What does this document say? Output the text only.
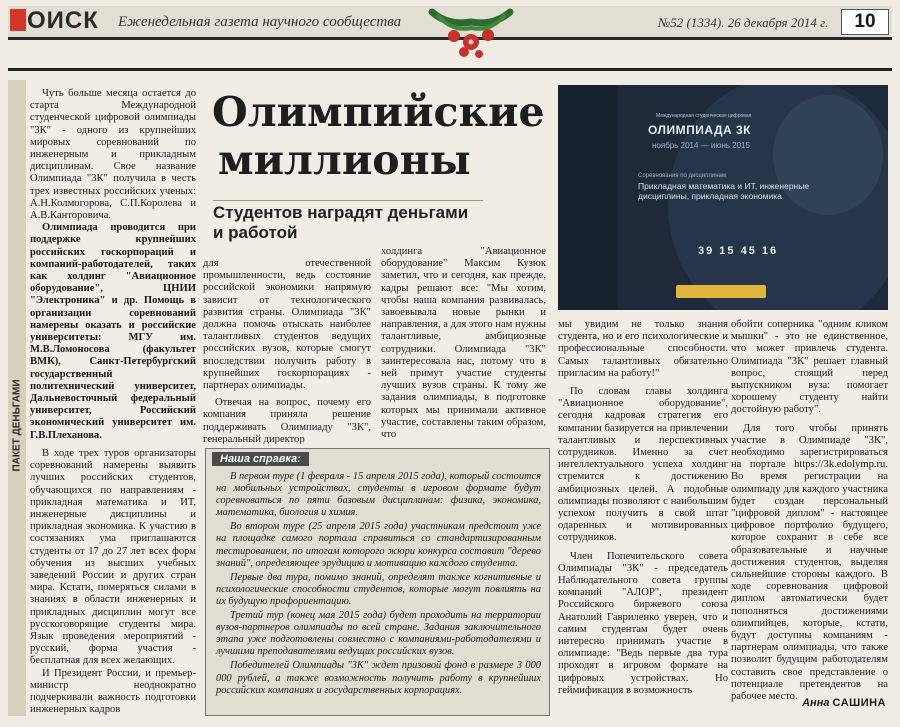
ОИСК Еженедельная газета научного сообщества	№52 (1334). 26 декабря 2014 г.	10
ПАКЕТ ДЕНЬГАМИ

Чуть больше месяца остается до старта Международной студенческой цифровой олимпиады "3К" - одного из крупнейших мировых соревнований по инженерным и прикладным дисциплинам. Свое название Олимпиада "3К" получила в честь трех известных российских ученых: А.Н.Колмогорова, С.П.Королева и А.В.Канторовича.

Олимпиада проводится при поддержке крупнейших российских госкорпораций и компаний-работодателей, таких как холдинг "Авиационное оборудование", ЦНИИ "Электроника" и др. Помощь в организации соревнований намерены оказать и российские университеты: МГУ им. М.В.Ломоносова (факультет ВМК), Санкт-Петербургский государственный политехнический университет, Дальневосточный федеральный университет, Российский экономический университет им. Г.В.Плеханова.

В ходе трех туров организаторы соревнований намерены выявить лучших российских студентов, обучающихся по направлениям - прикладная математика и ИТ, инженерные дисциплины и прикладная экономика. К участию в состязаниях ума приглашаются студенты от 17 до 27 лет всех форм обучения из высших учебных заведений России и других стран мира. Кстати, померяться силами в знаниях в области инженерных и прикладных дисциплин могут все русскоговорящие студенты мира. Язык проведения мероприятий - русский, форма участия - бесплатная для всех желающих.

И Президент России, и премьер-министр неоднократно подчеркивали важность подготовки инженерных кадров

Олимпийские
миллионы
Студентов наградят деньгами и работой
Международная студенческая цифровая
ОЛИМПИАДА 3К
ноябрь 2014 — июнь 2015
Соревнования по дисциплинам
Прикладная математика и ИТ, инженерные дисциплины, прикладная экономика
39 15 45 16

для отечественной промышленности, ведь состояние российской экономики напрямую зависит от технологического развития страны. Олимпиада "3К" должна помочь отыскать наиболее талантливых студентов ведущих российских вузов, которые смогут впоследствии получить работу в крупнейших госкорпорациях - партнерах олимпиады.

Отвечая на вопрос, почему его компания приняла решение поддерживать Олимпиаду "3К", генеральный директор

холдинга "Авиационное оборудование" Максим Кузюк заметил, что и сегодня, как прежде, кадры решают все: "Мы хотим, чтобы наша компания развивалась, завоевывала новые рынки и направления, а для этого нам нужны талантливые, амбициозные сотрудники. Олимпиада "3К" заинтересовала нас, потому что в ней примут участие студенты лучших вузов страны. К тому же задания олимпиады, в подготовке которых мы принимали активное участие, составлены таким образом, что

мы увидим не только знания студента, но и его психологические и профессиональные способности. Самых талантливых обязательно пригласим на работу!"

По словам главы холдинга "Авиационное оборудование", сегодня кадровая стратегия его компании базируется на привлечении талантливых и перспективных сотрудников. Именно за счет интеллектуального успеха холдинг стремится к достижению амбициозных целей. А подобные олимпиады позволяют с наибольшим успехом получить в свой штат одаренных и мотивированных сотрудников.

Член Попечительского совета Олимпиады "3К" - председатель Наблюдательного совета группы компаний "АЛОР", президент Российского биржевого союза Анатолий Гавриленко уверен, что и самим студентам будет очень интересно принимать участие в олимпиаде: "Ведь первые два тура проходят в игровом формате на цифровых устройствах. Но геймификация в возможность

обойти соперника "одним кликом мышки" - это не единственное, что может привлечь студента. Олимпиада "3К" решает главный вопрос, стоящий перед выпускником вуза: помогает хорошему студенту найти достойную работу".

Для того чтобы принять участие в Олимпиаде "3К", необходимо зарегистрироваться на портале https://3k.edolymp.ru. Во время регистрации на олимпиаду для каждого участника будет создан персональный "цифровой диплом" - настоящее цифровое портфолио будущего, которое сохранит в себе все образовательные и научные достижения студентов, выделяя сильнейшие стороны каждого. В ходе соревнования цифровой диплом автоматически будет пополняться достижениями олимпийцев, которые, кстати, будут доступны компаниям - партнерам олимпиады, что также позволит будущим работодателям составить свое представление о потенциале претендентов на рабочее место.

Анна САШИНА
Наша справка:

В первом туре (1 февраля - 15 апреля 2015 года), который состоится на мобильных устройствах, студенты в игровом формате будут соревноваться по пяти базовым дисциплинам: физика, экономика, математика, биология и химия.

Во втором туре (25 апреля 2015 года) участникам предстоит уже на площадке самого портала справиться со стандартизированным тестированием, по итогам которого жюри конкурса составит "дерево знаний", определяющее эрудицию и мотивацию каждого студента.

Первые два тура, помимо знаний, определят также когнитивные и психологические способности студентов, которые могут повлиять на их будущую профориентацию.

Третий тур (конец мая 2015 года) будет проходить на территории вузов-партнеров олимпиады по всей стране. Задания заключительного этапа уже подготовлены совместно с компаниями-работодателями и лучшими преподавателями ведущих российских вузов.

Победителей Олимпиады "3К" ждет призовой фонд в размере 3 000 000 рублей, а также возможность получить работу в крупнейших российских компаниях и государственных корпорациях.
